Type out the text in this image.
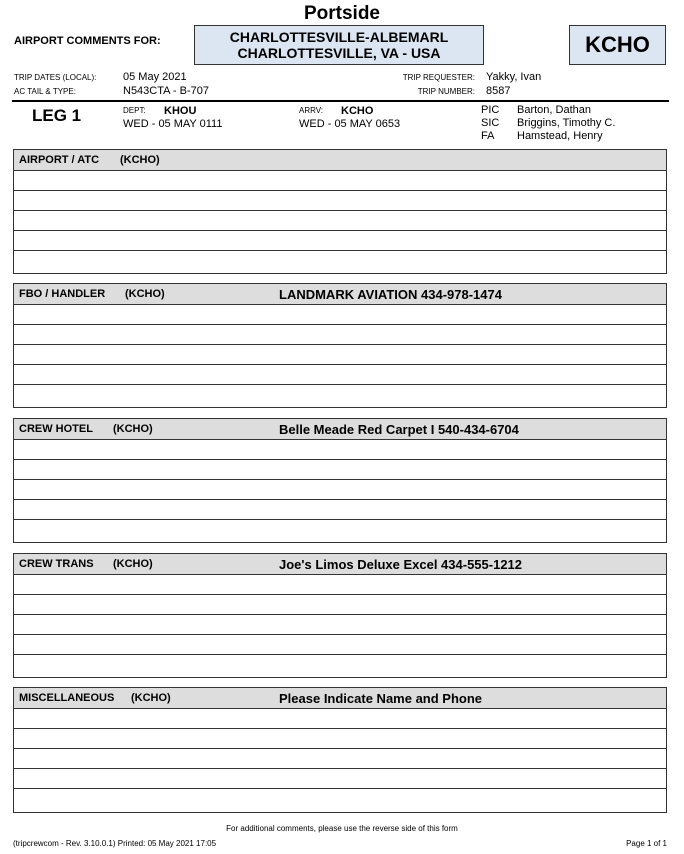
Portside
AIRPORT COMMENTS FOR:	CHARLOTTESVILLE-ALBEMARL
CHARLOTTESVILLE, VA - USA	KCHO
TRIP DATES (LOCAL): 05 May 2021
AC TAIL & TYPE:	N543CTA - B-707
TRIP REQUESTER: Yakky, Ivan
TRIP NUMBER: 8587
LEG 1	DEPT: KHOU
WED - 05 MAY 0111
ARRV: KCHO
WED - 05 MAY 0653
PIC Barton, Dathan
SIC Briggins, Timothy C.
FA Hamstead, Henry
AIRPORT / ATC (KCHO)
FBO / HANDLER (KCHO)	LANDMARK AVIATION 434-978-1474
CREW HOTEL (KCHO)	Belle Meade Red Carpet I 540-434-6704
CREW TRANS (KCHO)	Joe's Limos Deluxe Excel 434-555-1212
MISCELLANEOUS (KCHO)	Please Indicate Name and Phone
For additional comments, please use the reverse side of this form
(tripcrewcom - Rev. 3.10.0.1) Printed: 05 May 2021 17:05	Page 1 of 1
